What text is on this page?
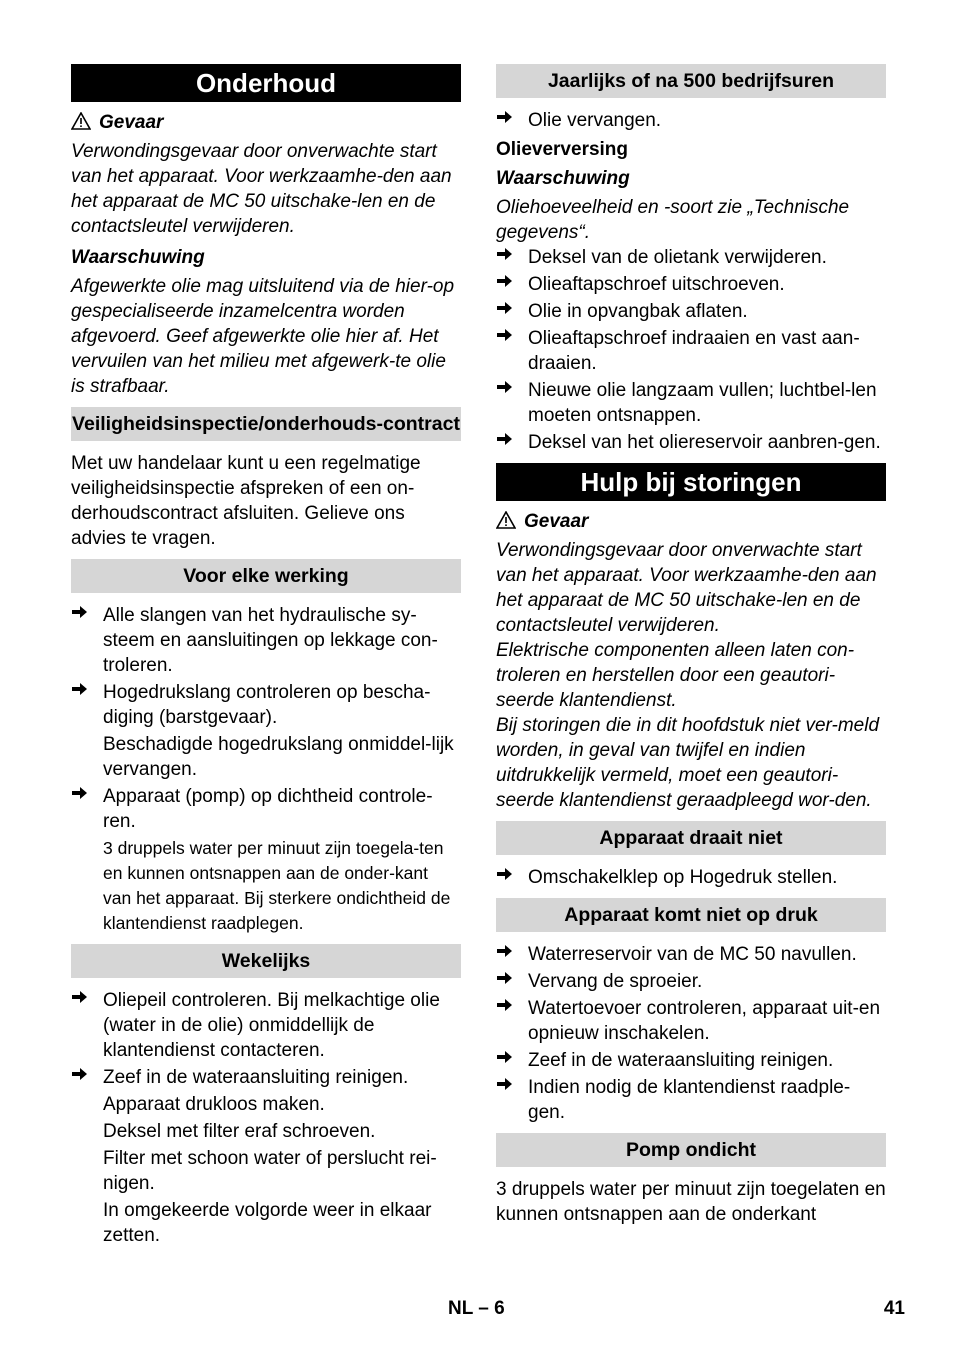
Onderhoud
Gevaar

Verwondingsgevaar door onverwachte start van het apparaat. Voor werkzaamhe-den aan het apparaat de MC 50 uitschake-len en de contactsleutel verwijderen.

Waarschuwing

Afgewerkte olie mag uitsluitend via de hier-op gespecialiseerde inzamelcentra worden afgevoerd. Geef afgewerkte olie hier af. Het vervuilen van het milieu met afgewerk-te olie is strafbaar.

Veiligheidsinspectie/onderhouds-contract

Met uw handelaar kunt u een regelmatige veiligheidsinspectie afspreken of een on-derhoudscontract afsluiten. Gelieve ons advies te vragen.

Voor elke werking
Alle slangen van het hydraulische sy-steem en aansluitingen op lekkage con-troleren.
Hogedrukslang controleren op bescha-diging (barstgevaar).
Beschadigde hogedrukslang onmiddel-lijk vervangen.
Apparaat (pomp) op dichtheid controle-ren.
3 druppels water per minuut zijn toegela-ten en kunnen ontsnappen aan de onder-kant van het apparaat. Bij sterkere ondichtheid de klantendienst raadplegen.
Wekelijks
Oliepeil controleren. Bij melkachtige olie (water in de olie) onmiddellijk de klantendienst contacteren.
Zeef in de wateraansluiting reinigen.
Apparaat drukloos maken.
Deksel met filter eraf schroeven.
Filter met schoon water of perslucht rei-nigen.
In omgekeerde volgorde weer in elkaar zetten.
Jaarlijks of na 500 bedrijfsuren
Olie vervangen.
Olieverversing
Waarschuwing

Oliehoeveelheid en -soort zie „Technische gegevens“.

Deksel van de olietank verwijderen.
Olieaftapschroef uitschroeven.
Olie in opvangbak aflaten.
Olieaftapschroef indraaien en vast aan-draaien.
Nieuwe olie langzaam vullen; luchtbel-len moeten ontsnappen.
Deksel van het oliereservoir aanbren-gen.
Hulp bij storingen
Gevaar

Verwondingsgevaar door onverwachte start van het apparaat. Voor werkzaamhe-den aan het apparaat de MC 50 uitschake-len en de contactsleutel verwijderen.

Elektrische componenten alleen laten con-troleren en herstellen door een geautori-seerde klantendienst.

Bij storingen die in dit hoofdstuk niet ver-meld worden, in geval van twijfel en indien uitdrukkelijk vermeld, moet een geautori-seerde klantendienst geraadpleegd wor-den.

Apparaat draait niet
Omschakelklep op Hogedruk stellen.
Apparaat komt niet op druk
Waterreservoir van de MC 50 navullen.
Vervang de sproeier.
Watertoevoer controleren, apparaat uit-en opnieuw inschakelen.
Zeef in de wateraansluiting reinigen.
Indien nodig de klantendienst raadple-gen.
Pomp ondicht

3 druppels water per minuut zijn toegelaten en kunnen ontsnappen aan de onderkant

NL – 6	41
